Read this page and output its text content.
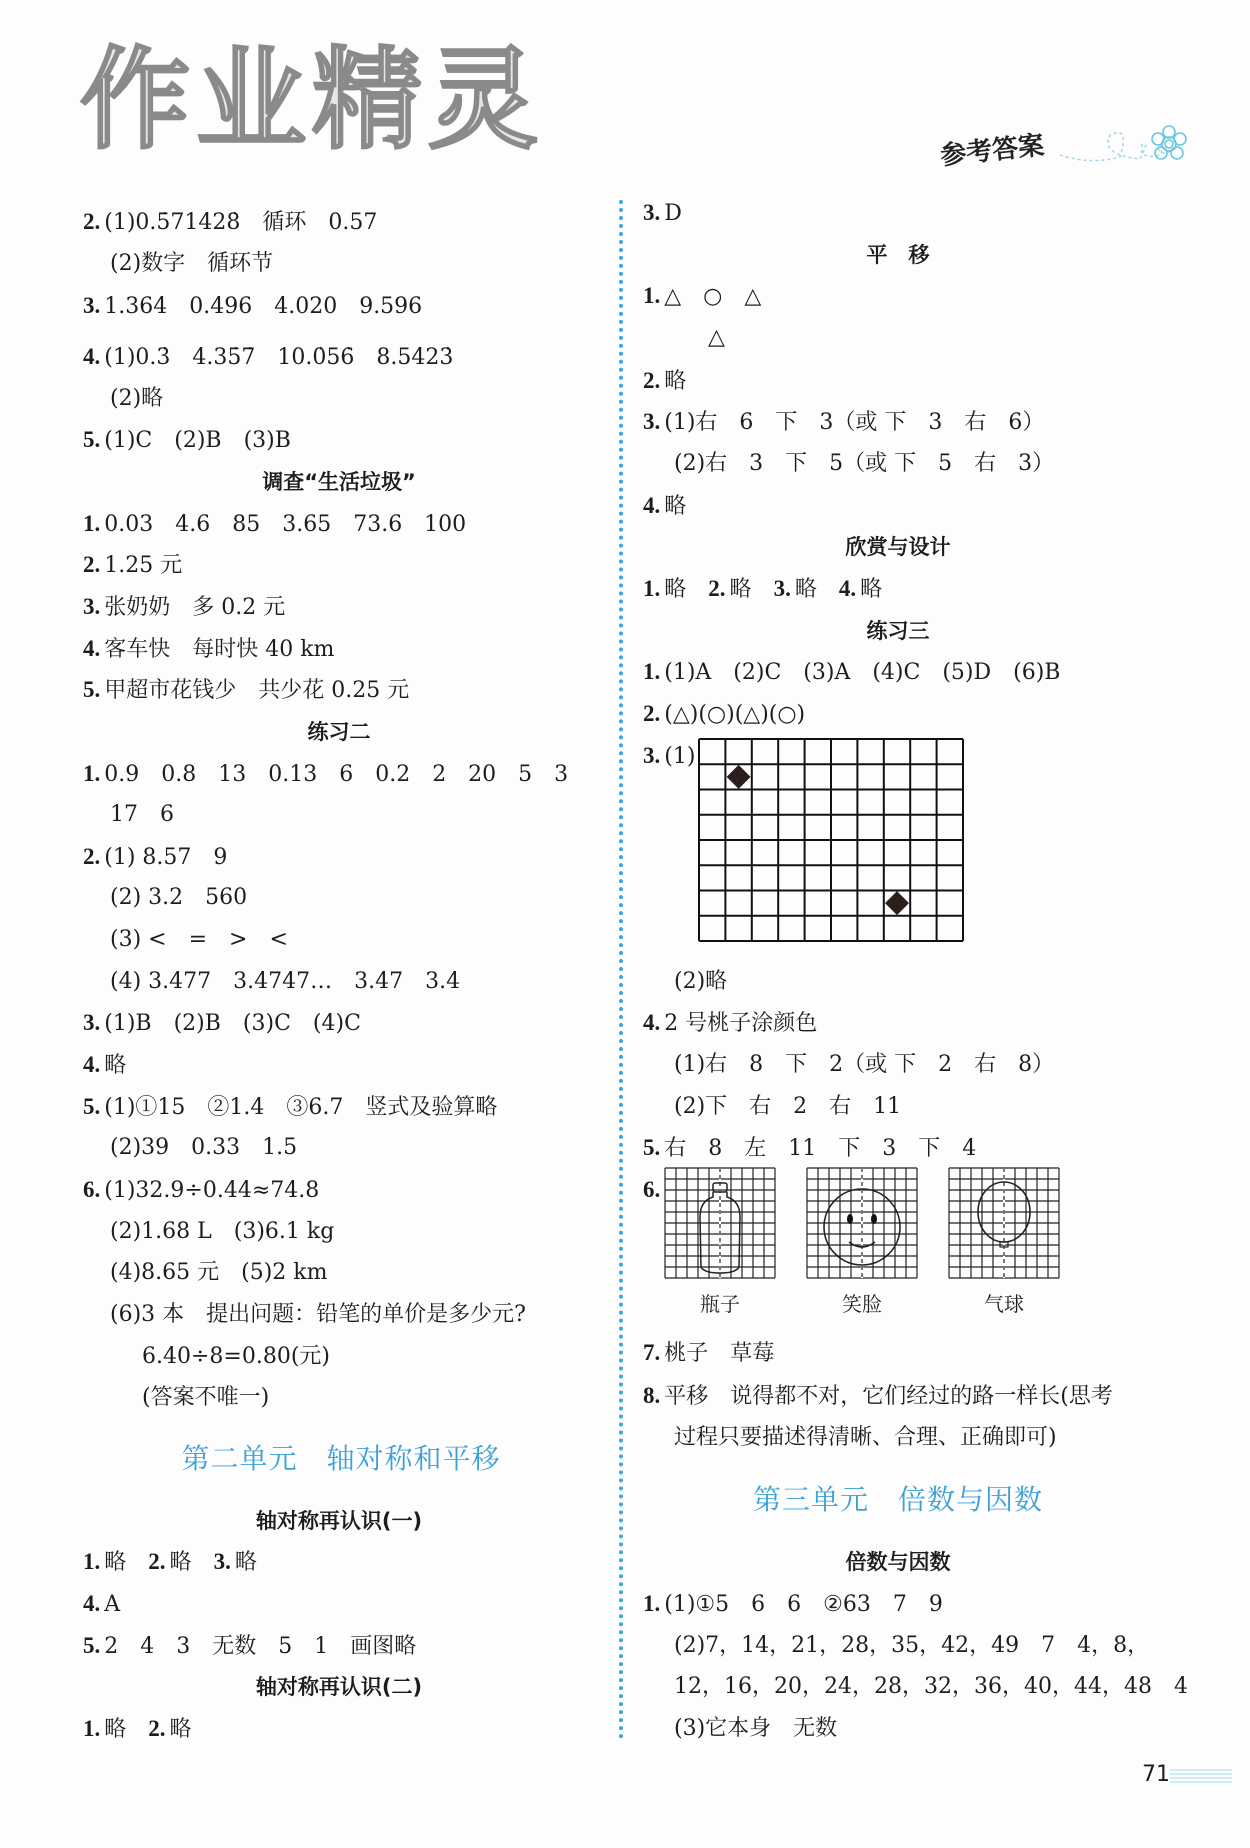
参考答案
作业精灵
2. (1)0.5̇71428̇　循环　0.57
(2)数字　循环节
3. 1.364　0.496　4.020　9.596
4. (1)0.3̇　4.35̇7̇　10.0̇56̇　8.54̇23̇
(2)略
5. (1)C　(2)B　(3)B
调查“生活垃圾”
1. 0.03　4.6　85　3.65　73.6　100
2. 1.25 元
3. 张奶奶　多 0.2 元
4. 客车快　每时快 40 km
5. 甲超市花钱少　共少花 0.25 元
练习二
1. 0.9　0.8　13　0.13　6　0.2　2　20　5　3
17　6
2. (1) 8.57　9
(2) 3.2　560
(3) <　=　>　<
(4) 3.477　3.4747…　3.47　3.4
3. (1)B　(2)B　(3)C　(4)C
4. 略
5. (1)①15　②1.4　③6.7　竖式及验算略
(2)39　0.33　1.5
6. (1)32.9÷0.44≈74.8
(2)1.68 L　(3)6.1 kg
(4)8.65 元　(5)2 km
(6)3 本　提出问题：铅笔的单价是多少元?
6.40÷8=0.80(元)
(答案不唯一)
第二单元　轴对称和平移
轴对称再认识(一)
1. 略　 2. 略　 3. 略
4. A
5. 2　4　3　无数　5　1　画图略
轴对称再认识(二)
1. 略　 2. 略
3. D
平　移
1. △　○　△
△
2. 略
3. (1)右　6　下　3（或 下　3　右　6）
(2)右　3　下　5（或 下　5　右　3）
4. 略
欣赏与设计
1. 略　 2. 略　 3. 略　 4. 略
练习三
1. (1)A　(2)C　(3)A　(4)C　(5)D　(6)B
2. (△)(○)(△)(○)
3. (1)
(2)略
4. 2 号桃子涂颜色
(1)右　8　下　2（或 下　2　右　8）
(2)下　右　2　右　11
5. 右　8　左　11　下　3　下　4
6.
瓶子	笑脸	气球
7. 桃子　草莓
8. 平移　说得都不对，它们经过的路一样长(思考
过程只要描述得清晰、合理、正确即可)
第三单元　倍数与因数
倍数与因数
1. (1)①5　6　6　②63　7　9
(2)7，14，21，28，35，42，49　7　4，8，
12，16，20，24，28，32，36，40，44，48　4
(3)它本身　无数
71
